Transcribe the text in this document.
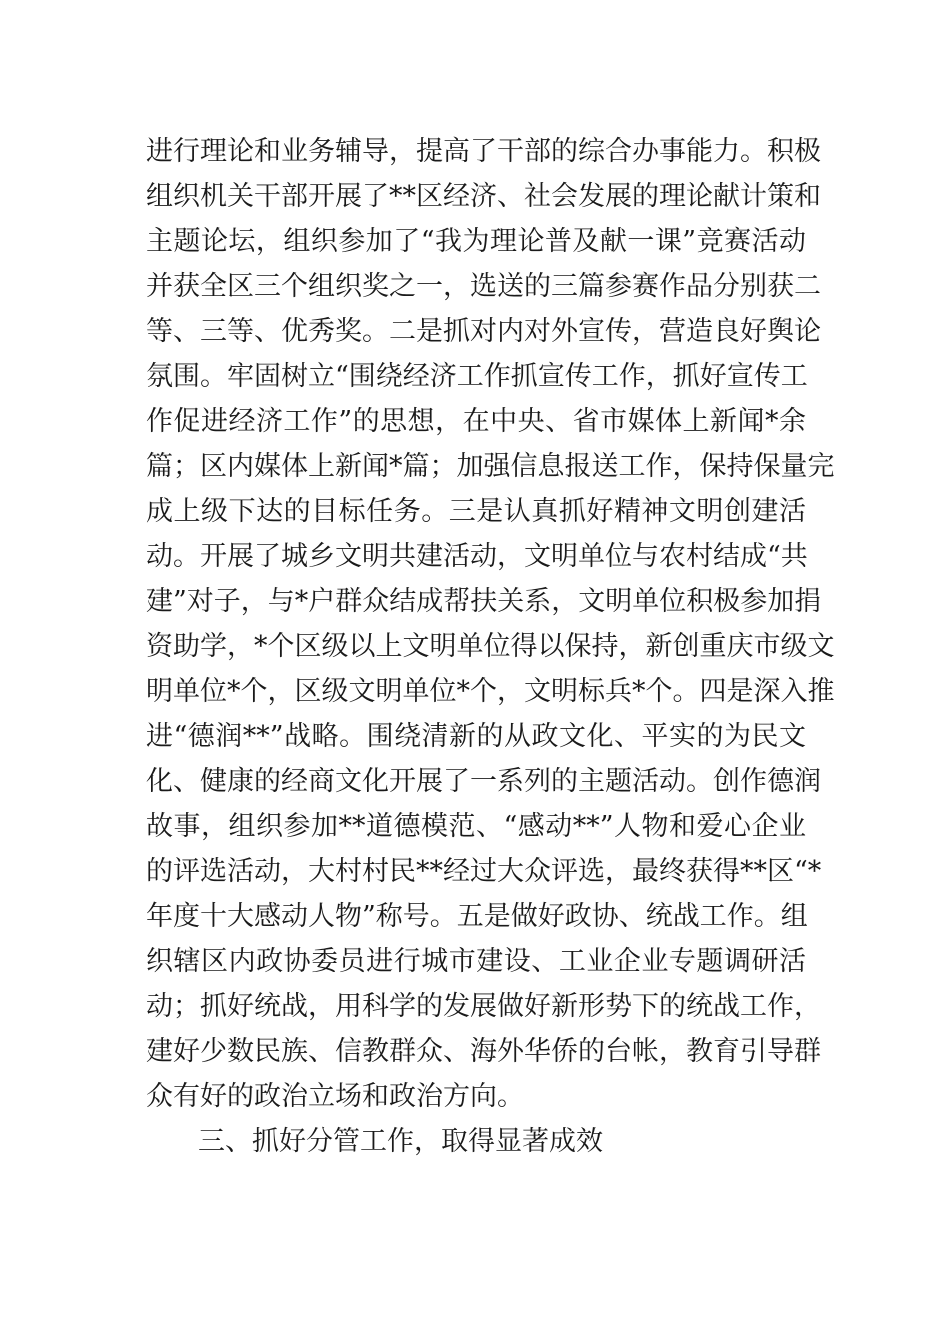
进行理论和业务辅导，提高了干部的综合办事能力。积极
组织机关干部开展了**区经济、社会发展的理论献计策和
主题论坛，组织参加了“我为理论普及献一课”竞赛活动
并获全区三个组织奖之一，选送的三篇参赛作品分别获二
等、三等、优秀奖。二是抓对内对外宣传，营造良好舆论
氛围。牢固树立“围绕经济工作抓宣传工作，抓好宣传工
作促进经济工作”的思想，在中央、省市媒体上新闻*余
篇；区内媒体上新闻*篇；加强信息报送工作，保持保量完
成上级下达的目标任务。三是认真抓好精神文明创建活
动。开展了城乡文明共建活动，文明单位与农村结成“共
建”对子，与*户群众结成帮扶关系，文明单位积极参加捐
资助学，*个区级以上文明单位得以保持，新创重庆市级文
明单位*个，区级文明单位*个，文明标兵*个。四是深入推
进“德润**”战略。围绕清新的从政文化、平实的为民文
化、健康的经商文化开展了一系列的主题活动。创作德润
故事，组织参加**道德模范、“感动**”人物和爱心企业
的评选活动，大村村民**经过大众评选，最终获得**区“*
年度十大感动人物”称号。五是做好政协、统战工作。组
织辖区内政协委员进行城市建设、工业企业专题调研活
动；抓好统战，用科学的发展做好新形势下的统战工作，
建好少数民族、信教群众、海外华侨的台帐，教育引导群
众有好的政治立场和政治方向。
三、抓好分管工作，取得显著成效
